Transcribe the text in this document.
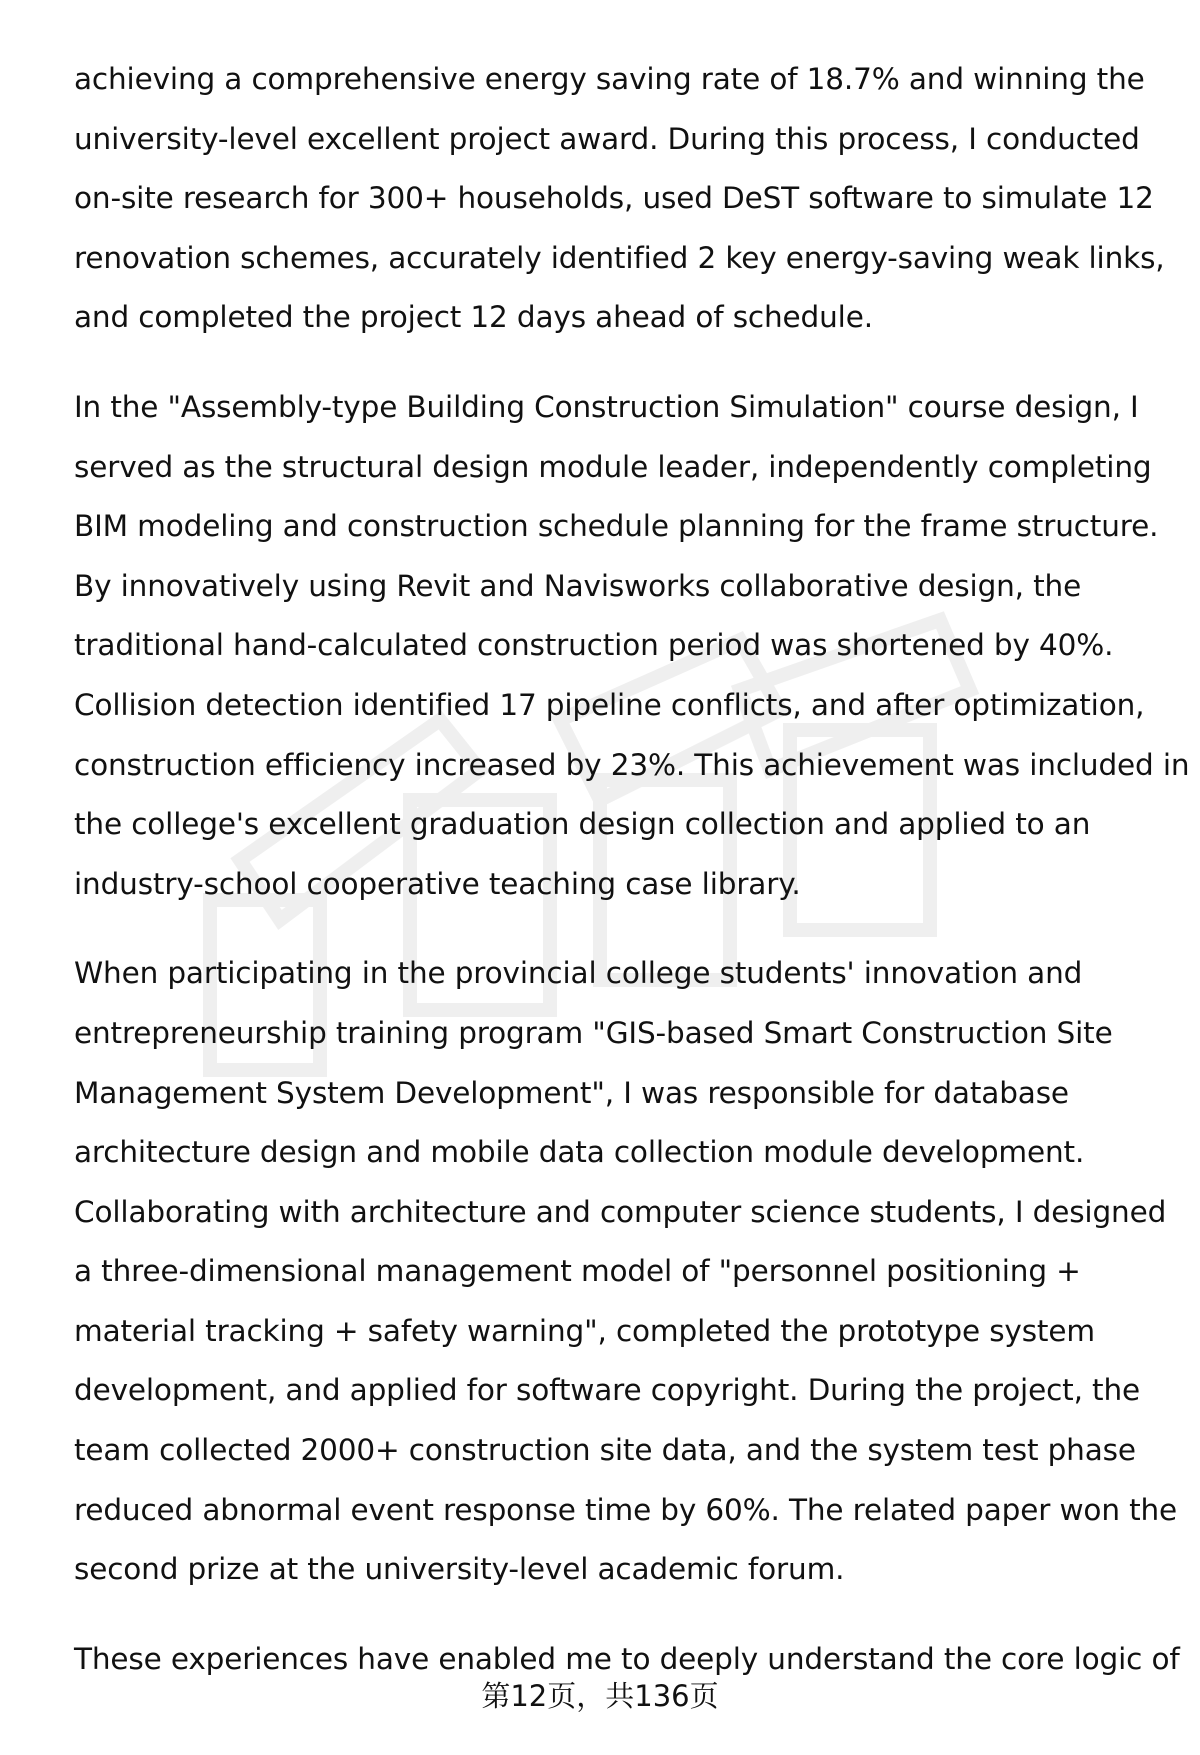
achieving a comprehensive energy saving rate of 18.7% and winning the
university-level excellent project award. During this process, I conducted
on-site research for 300+ households, used DeST software to simulate 12
renovation schemes, accurately identified 2 key energy-saving weak links,
and completed the project 12 days ahead of schedule.

In the "Assembly-type Building Construction Simulation" course design, I
served as the structural design module leader, independently completing
BIM modeling and construction schedule planning for the frame structure.
By innovatively using Revit and Navisworks collaborative design, the
traditional hand-calculated construction period was shortened by 40%.
Collision detection identified 17 pipeline conflicts, and after optimization,
construction efficiency increased by 23%. This achievement was included in
the college's excellent graduation design collection and applied to an
industry-school cooperative teaching case library.

When participating in the provincial college students' innovation and
entrepreneurship training program "GIS-based Smart Construction Site
Management System Development", I was responsible for database
architecture design and mobile data collection module development.
Collaborating with architecture and computer science students, I designed
a three-dimensional management model of "personnel positioning +
material tracking + safety warning", completed the prototype system
development, and applied for software copyright. During the project, the
team collected 2000+ construction site data, and the system test phase
reduced abnormal event response time by 60%. The related paper won the
second prize at the university-level academic forum.

These experiences have enabled me to deeply understand the core logic of

第12页，共136页
